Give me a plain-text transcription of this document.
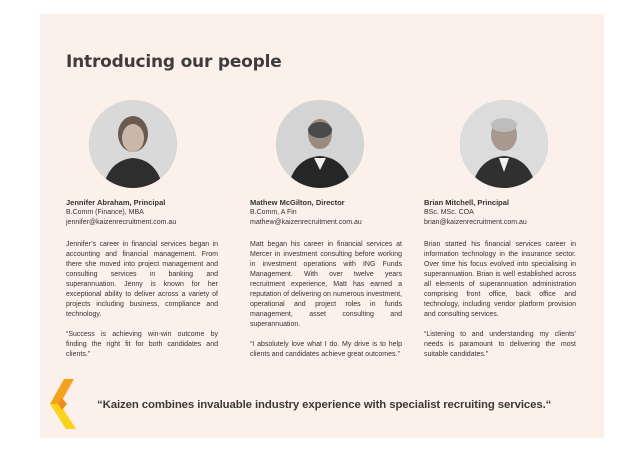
Introducing our people
Jennifer Abraham, Principal
B.Comm (Finance), MBA
jennifer@kaizenrecruitment.com.au
Jennifer’s career in financial services began in accounting and financial management. From there she moved into project management and consulting services in banking and superannuation. Jenny is known for her exceptional ability to deliver across a variety of projects including business, compliance and technology.
“Success is achieving win-win outcome by finding the right fit for both candidates and clients.”
Mathew McGilton, Director
B.Comm, A Fin
mathew@kaizenrecruitment.com.au
Matt began his career in financial services at Mercer in investment consulting before working in investment operations with ING Funds Management. With over twelve years recruitment experience, Matt has earned a reputation of delivering on numerous investment, operational and project roles in funds management, asset consulting and superannuation.
“I absolutely love what I do. My drive is to help clients and candidates achieve great outcomes.”
Brian Mitchell, Principal
BSc. MSc. COA
brian@kaizenrecruitment.com.au
Brian started his financial services career in information technology in the insurance sector. Over time his focus evolved into specialising in superannuation. Brian is well established across all elements of superannuation administration comprising front office, back office and technology, including vendor platform provision and consulting services.
“Listening to and understanding my clients’ needs is paramount to delivering the most suitable candidates.”
“Kaizen combines invaluable industry experience with specialist recruiting services.“
